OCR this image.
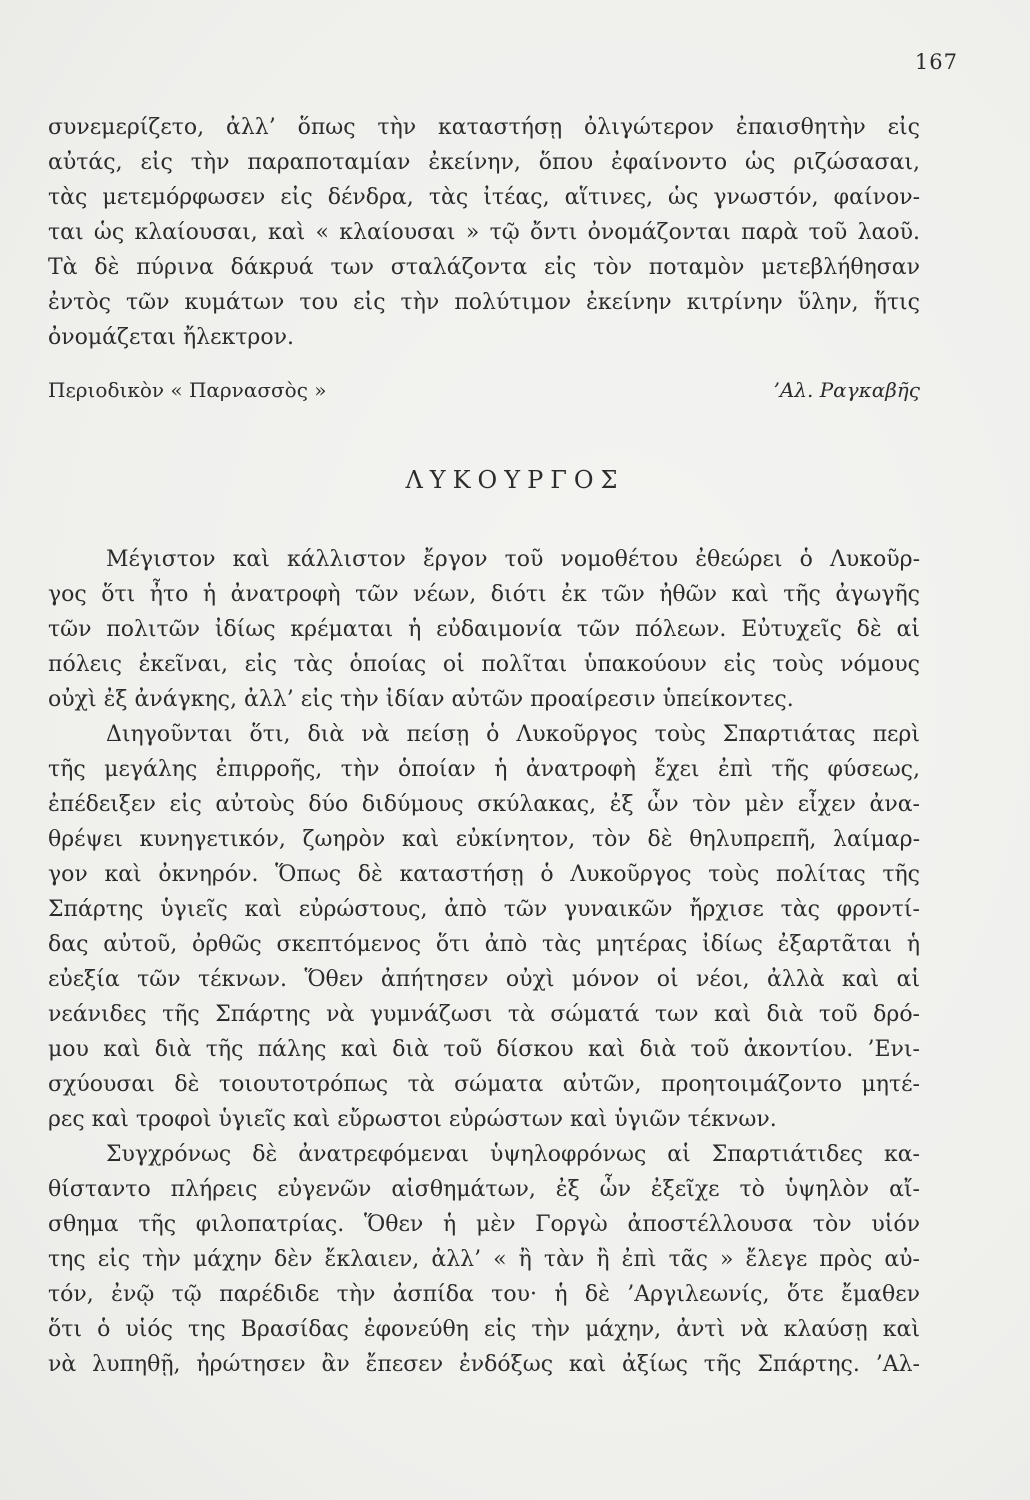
167
συνεμερίζετο, ἀλλ’ ὅπως τὴν καταστήσῃ ὀλιγώτερον ἐπαισθητὴν εἰς
αὐτάς, εἰς τὴν παραποταμίαν ἐκείνην, ὅπου ἐφαίνοντο ὡς ριζώσασαι,
τὰς μετεμόρφωσεν εἰς δένδρα, τὰς ἰτέας, αἵτινες, ὡς γνωστόν, φαίνον-
ται ὡς κλαίουσαι, καὶ « κλαίουσαι » τῷ ὄντι ὀνομάζονται παρὰ τοῦ λαοῦ.
Τὰ δὲ πύρινα δάκρυά των σταλάζοντα εἰς τὸν ποταμὸν μετεβλήθησαν
ἐντὸς τῶν κυμάτων του εἰς τὴν πολύτιμον ἐκείνην κιτρίνην ὕλην, ἥτις
ὀνομάζεται ἤλεκτρον.
Περιοδικὸν « Παρνασσὸς »	’Αλ. Ραγκαβῆς
ΛΥΚΟΥΡΓΟΣ
Μέγιστον καὶ κάλλιστον ἔργον τοῦ νομοθέτου ἐθεώρει ὁ Λυκοῦρ-
γος ὅτι ἦτο ἡ ἀνατροφὴ τῶν νέων, διότι ἐκ τῶν ἠθῶν καὶ τῆς ἀγωγῆς
τῶν πολιτῶν ἰδίως κρέμαται ἡ εὐδαιμονία τῶν πόλεων. Εὐτυχεῖς δὲ αἱ
πόλεις ἐκεῖναι, εἰς τὰς ὁποίας οἱ πολῖται ὑπακούουν εἰς τοὺς νόμους
οὐχὶ ἐξ ἀνάγκης, ἀλλ’ εἰς τὴν ἰδίαν αὐτῶν προαίρεσιν ὑπείκοντες.
Διηγοῦνται ὅτι, διὰ νὰ πείσῃ ὁ Λυκοῦργος τοὺς Σπαρτιάτας περὶ
τῆς μεγάλης ἐπιρροῆς, τὴν ὁποίαν ἡ ἀνατροφὴ ἔχει ἐπὶ τῆς φύσεως,
ἐπέδειξεν εἰς αὐτοὺς δύο διδύμους σκύλακας, ἐξ ὧν τὸν μὲν εἶχεν ἀνα-
θρέψει κυνηγετικόν, ζωηρὸν καὶ εὐκίνητον, τὸν δὲ θηλυπρεπῆ, λαίμαρ-
γον καὶ ὀκνηρόν. Ὅπως δὲ καταστήσῃ ὁ Λυκοῦργος τοὺς πολίτας τῆς
Σπάρτης ὑγιεῖς καὶ εὐρώστους, ἀπὸ τῶν γυναικῶν ἤρχισε τὰς φροντί-
δας αὐτοῦ, ὀρθῶς σκεπτόμενος ὅτι ἀπὸ τὰς μητέρας ἰδίως ἐξαρτᾶται ἡ
εὐεξία τῶν τέκνων. Ὅθεν ἀπήτησεν οὐχὶ μόνον οἱ νέοι, ἀλλὰ καὶ αἱ
νεάνιδες τῆς Σπάρτης νὰ γυμνάζωσι τὰ σώματά των καὶ διὰ τοῦ δρό-
μου καὶ διὰ τῆς πάλης καὶ διὰ τοῦ δίσκου καὶ διὰ τοῦ ἀκοντίου. ’Ενι-
σχύουσαι δὲ τοιουτοτρόπως τὰ σώματα αὐτῶν, προητοιμάζοντο μητέ-
ρες καὶ τροφοὶ ὑγιεῖς καὶ εὔρωστοι εὐρώστων καὶ ὑγιῶν τέκνων.
Συγχρόνως δὲ ἀνατρεφόμεναι ὑψηλοφρόνως αἱ Σπαρτιάτιδες κα-
θίσταντο πλήρεις εὐγενῶν αἰσθημάτων, ἐξ ὧν ἐξεῖχε τὸ ὑψηλὸν αἴ-
σθημα τῆς φιλοπατρίας. Ὅθεν ἡ μὲν Γοργὼ ἀποστέλλουσα τὸν υἱόν
της εἰς τὴν μάχην δὲν ἔκλαιεν, ἀλλ’ « ἢ τὰν ἢ ἐπὶ τᾶς » ἔλεγε πρὸς αὐ-
τόν, ἐνῷ τῷ παρέδιδε τὴν ἀσπίδα του· ἡ δὲ ’Αργιλεωνίς, ὅτε ἔμαθεν
ὅτι ὁ υἱός της Βρασίδας ἐφονεύθη εἰς τὴν μάχην, ἀντὶ νὰ κλαύσῃ καὶ
νὰ λυπηθῇ, ἠρώτησεν ἂν ἔπεσεν ἐνδόξως καὶ ἀξίως τῆς Σπάρτης. ’Αλ-
